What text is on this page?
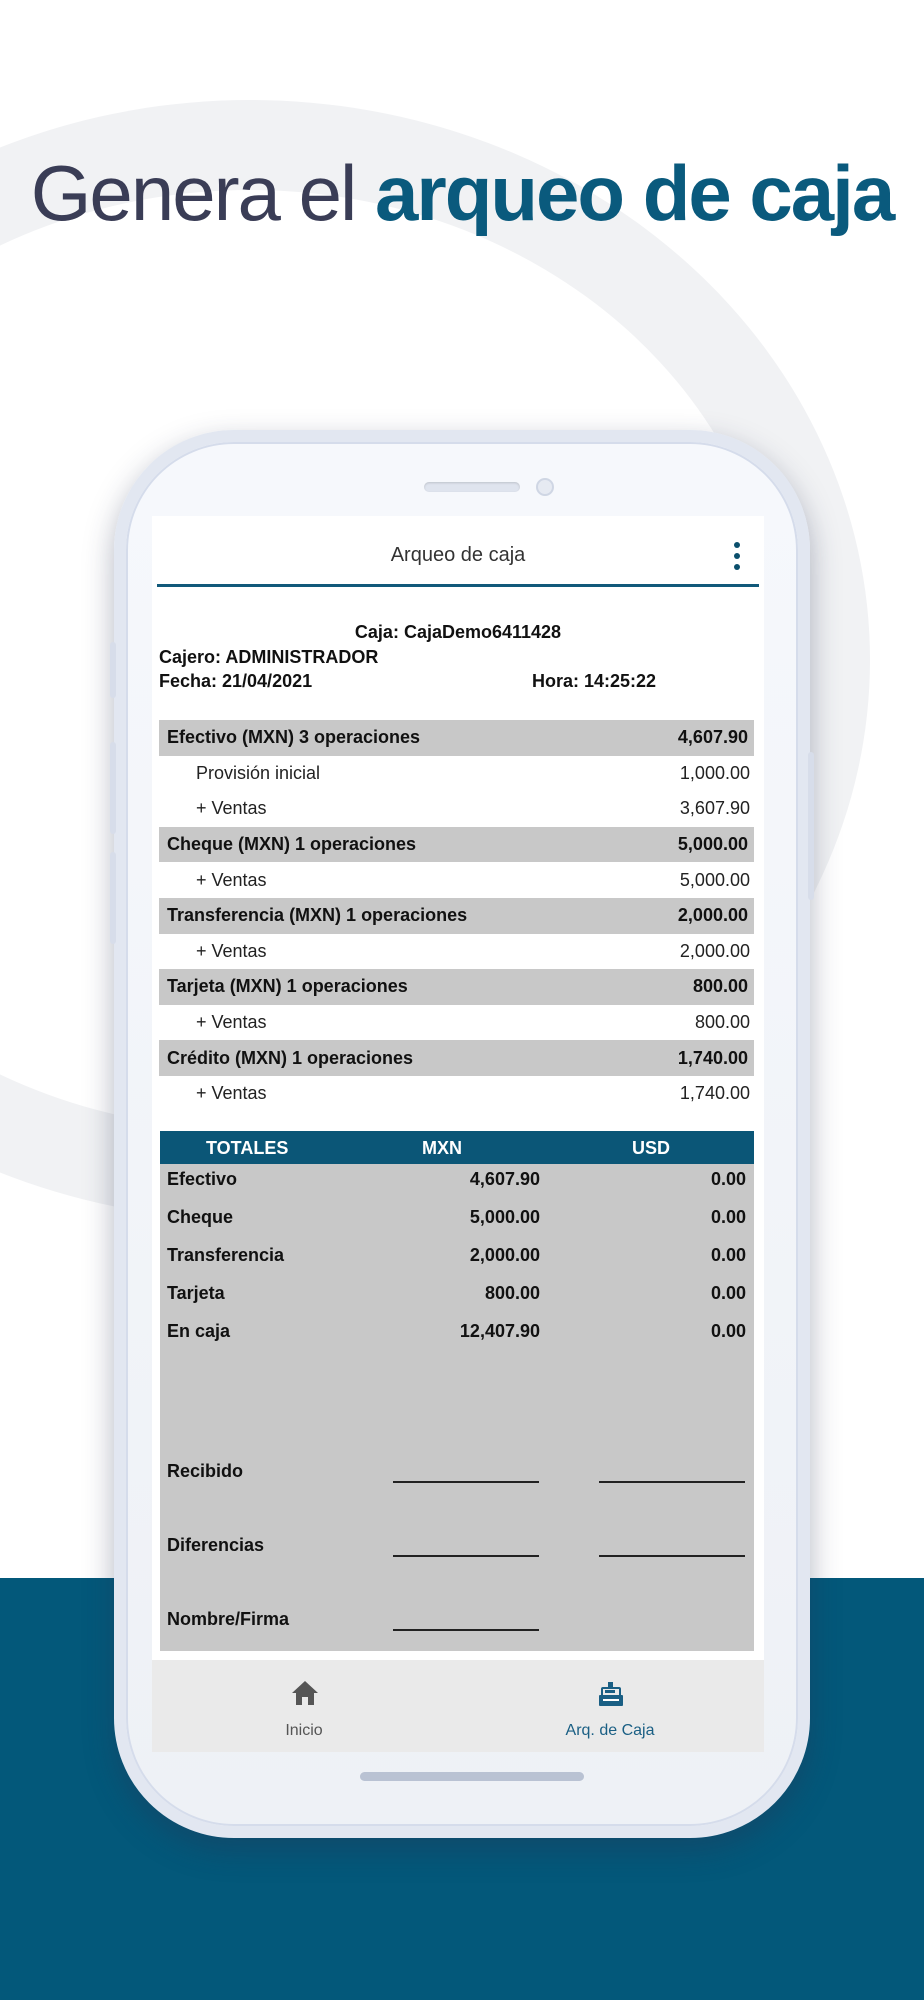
Genera el arqueo de caja
Arqueo de caja
Caja: CajaDemo6411428
Cajero: ADMINISTRADOR
Fecha: 21/04/2021	Hora: 14:25:22
Efectivo (MXN) 3 operaciones	4,607.90
Provisión inicial	1,000.00
+ Ventas	3,607.90
Cheque (MXN) 1 operaciones	5,000.00
+ Ventas	5,000.00
Transferencia (MXN) 1 operaciones	2,000.00
+ Ventas	2,000.00
Tarjeta (MXN) 1 operaciones	800.00
+ Ventas	800.00
Crédito (MXN) 1 operaciones	1,740.00
+ Ventas	1,740.00
TOTALES	MXN	USD
Efectivo	4,607.90	0.00
Cheque	5,000.00	0.00
Transferencia	2,000.00	0.00
Tarjeta	800.00	0.00
En caja	12,407.90	0.00
Recibido
Diferencias
Nombre/Firma
Inicio	Arq. de Caja
